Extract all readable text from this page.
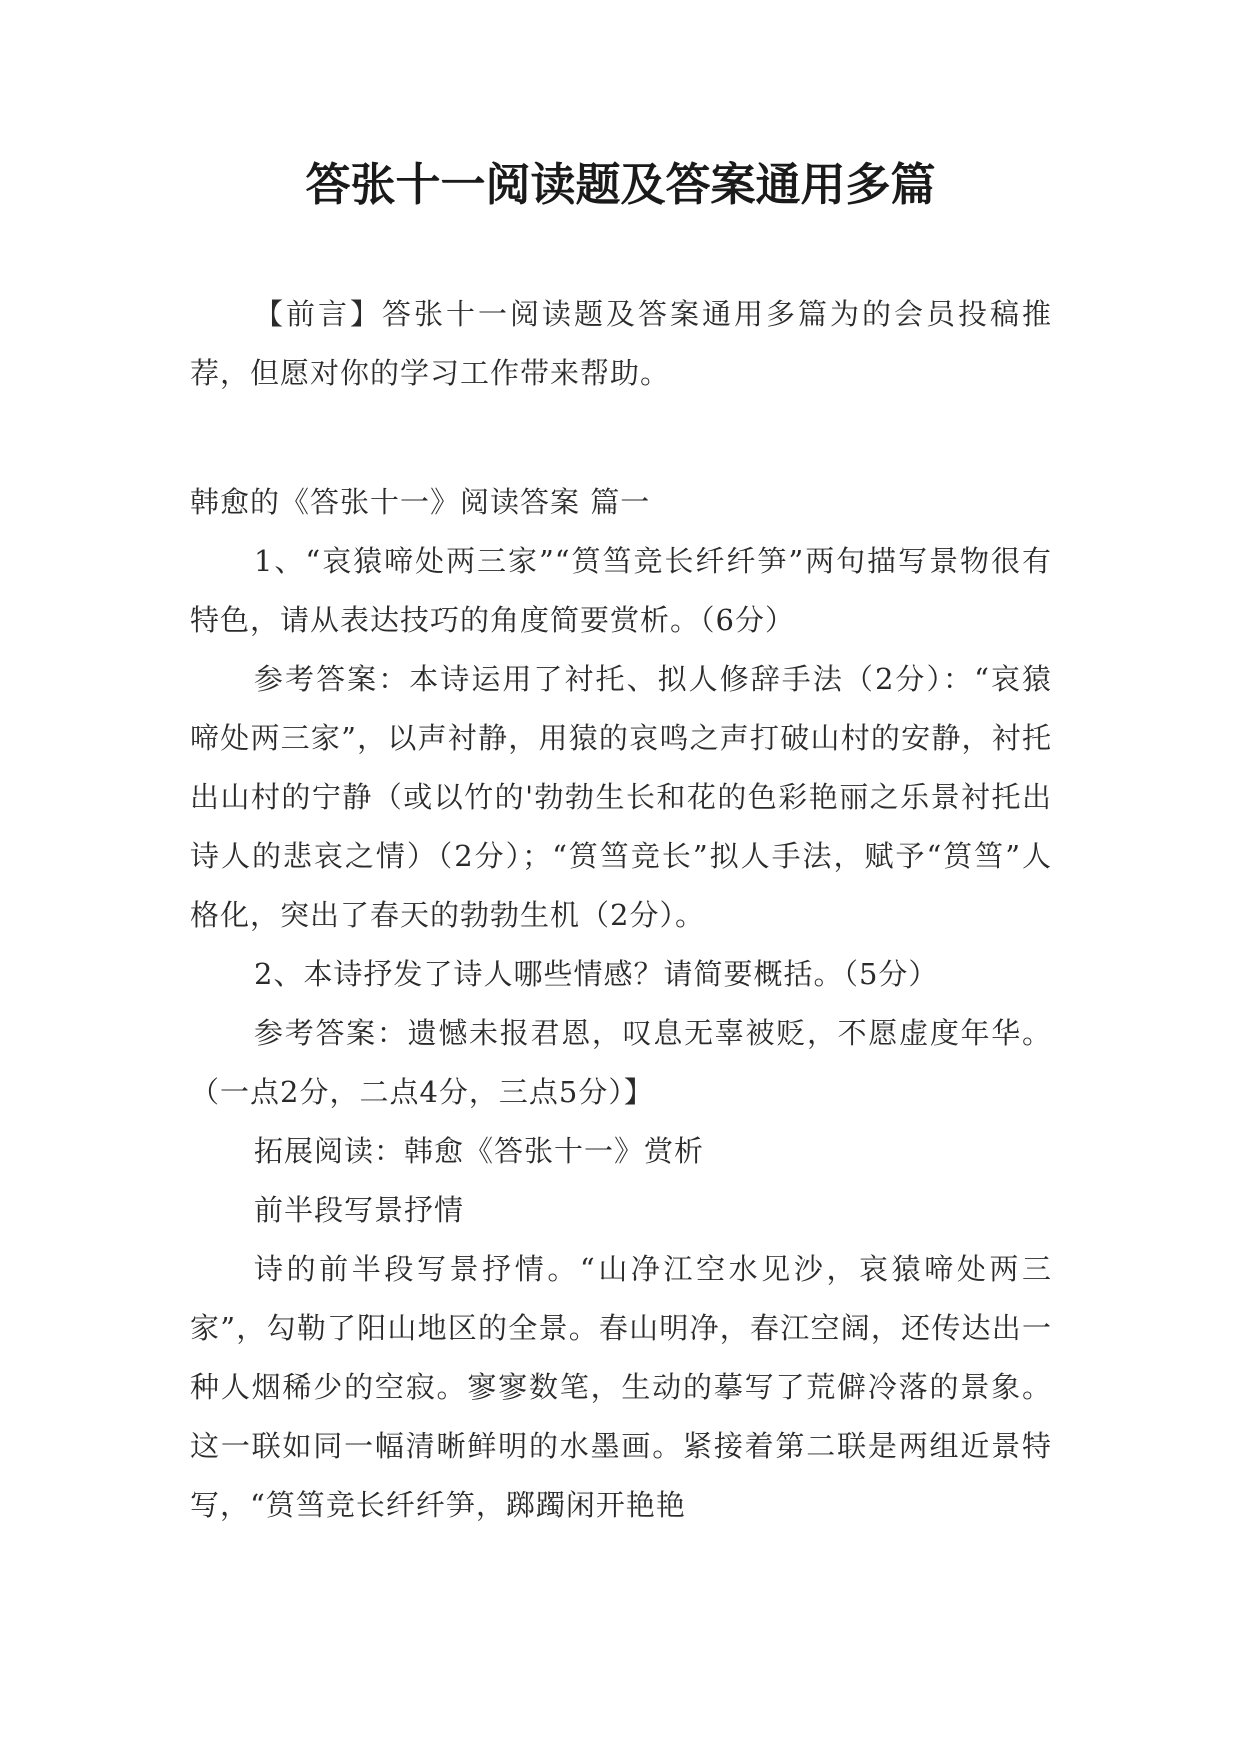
答张十一阅读题及答案通用多篇

【前言】答张十一阅读题及答案通用多篇为的会员投稿推荐，但愿对你的学习工作带来帮助。

韩愈的《答张十一》阅读答案 篇一

1、“哀猿啼处两三家”“筼筜竞长纤纤笋”两句描写景物很有特色，请从表达技巧的角度简要赏析。（6分）

参考答案：本诗运用了衬托、拟人修辞手法（2分）：“哀猿啼处两三家”，以声衬静，用猿的哀鸣之声打破山村的安静，衬托出山村的宁静（或以竹的'勃勃生长和花的色彩艳丽之乐景衬托出诗人的悲哀之情）（2分）；“筼筜竞长”拟人手法，赋予“筼筜”人格化，突出了春天的勃勃生机（2分）。

2、本诗抒发了诗人哪些情感？请简要概括。（5分）

参考答案：遗憾未报君恩，叹息无辜被贬，不愿虚度年华。（一点2分，二点4分，三点5分）】

拓展阅读：韩愈《答张十一》赏析

前半段写景抒情

诗的前半段写景抒情。“山净江空水见沙，哀猿啼处两三家”，勾勒了阳山地区的全景。春山明净，春江空阔，还传达出一种人烟稀少的空寂。寥寥数笔，生动的摹写了荒僻冷落的景象。这一联如同一幅清晰鲜明的水墨画。紧接着第二联是两组近景特写，“筼筜竞长纤纤笋，踯躅闲开艳艳
